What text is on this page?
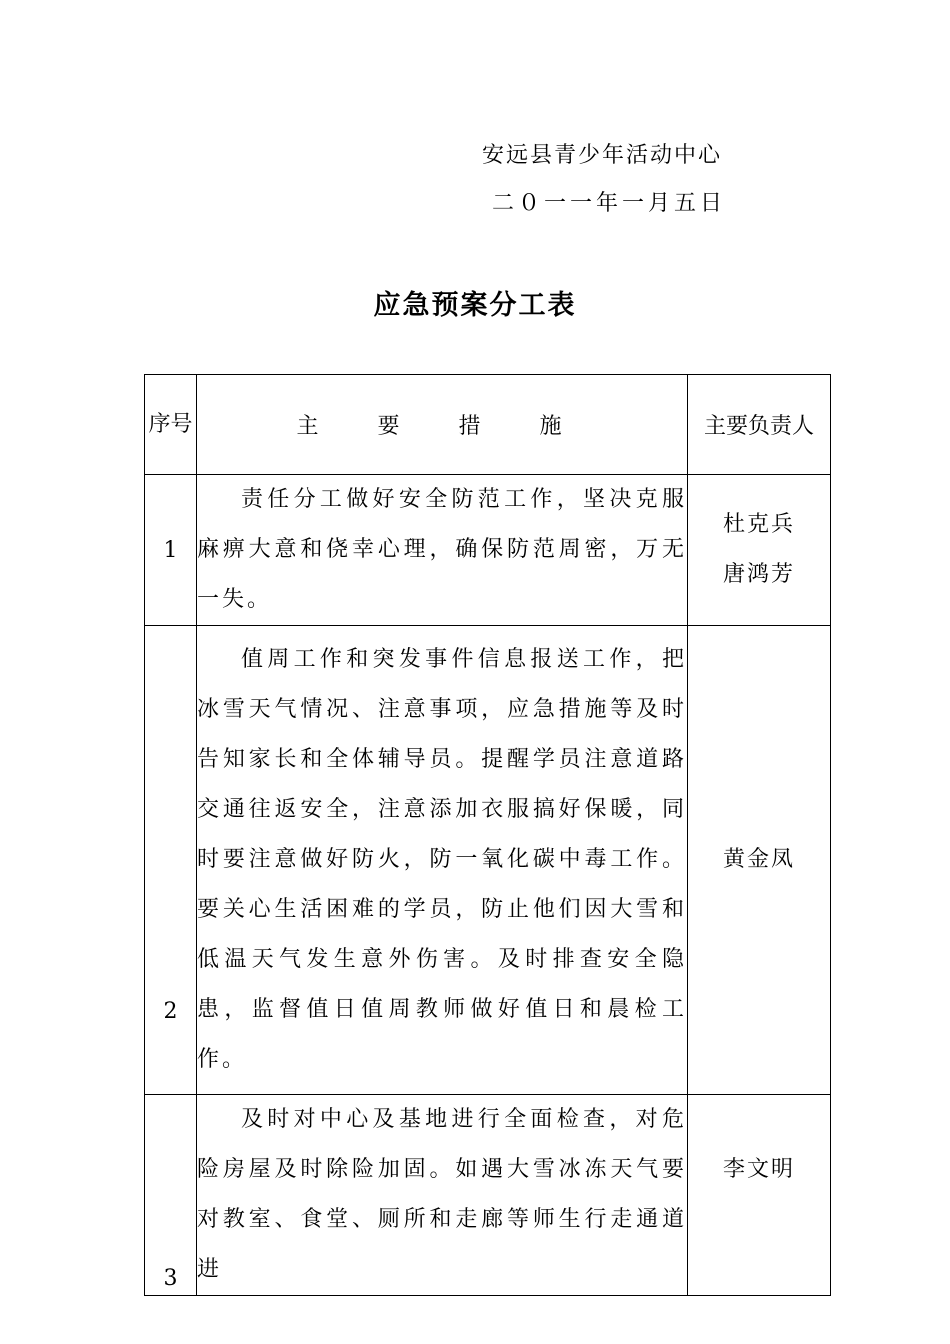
安远县青少年活动中心
二０一一年一月五日
应急预案分工表
序号	主 要 措 施	主要负责人
1	责任分工做好安全防范工作，坚决克服麻痹大意和侥幸心理，确保防范周密，万无一失。	杜克兵
唐鸿芳

2	值周工作和突发事件信息报送工作，把冰雪天气情况、注意事项，应急措施等及时告知家长和全体辅导员。提醒学员注意道路交通往返安全，注意添加衣服搞好保暖，同时要注意做好防火，防一氧化碳中毒工作。要关心生活困难的学员，防止他们因大雪和低温天气发生意外伤害。及时排查安全隐患，监督值日值周教师做好值日和晨检工作。	黄金凤

3	及时对中心及基地进行全面检查，对危险房屋及时除险加固。如遇大雪冰冻天气要对教室、食堂、厕所和走廊等师生行走通道进	李文明
